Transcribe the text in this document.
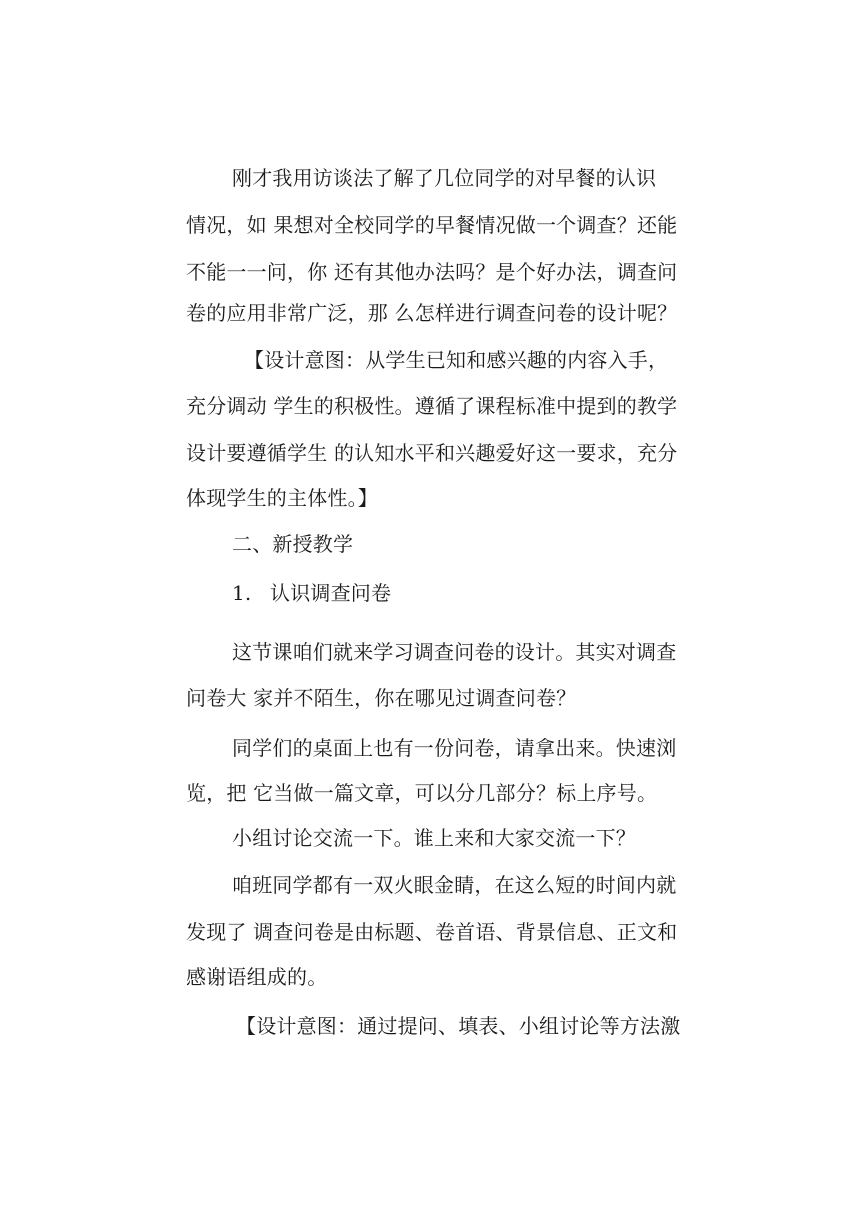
刚才我用访谈法了解了几位同学的对早餐的认识
情况，如 果想对全校同学的早餐情况做一个调查？还能
不能一一问，你 还有其他办法吗？是个好办法，调查问
卷的应用非常广泛，那 么怎样进行调查问卷的设计呢？
【设计意图：从学生已知和感兴趣的内容入手，
充分调动 学生的积极性。遵循了课程标准中提到的教学
设计要遵循学生 的认知水平和兴趣爱好这一要求，充分
体现学生的主体性。】
二、新授教学
1. 认识调查问卷
这节课咱们就来学习调查问卷的设计。其实对调查
问卷大 家并不陌生，你在哪见过调查问卷？
同学们的桌面上也有一份问卷，请拿出来。快速浏
览，把 它当做一篇文章，可以分几部分？标上序号。
小组讨论交流一下。谁上来和大家交流一下？
咱班同学都有一双火眼金睛，在这么短的时间内就
发现了 调查问卷是由标题、卷首语、背景信息、正文和
感谢语组成的。
【设计意图：通过提问、填表、小组讨论等方法激
